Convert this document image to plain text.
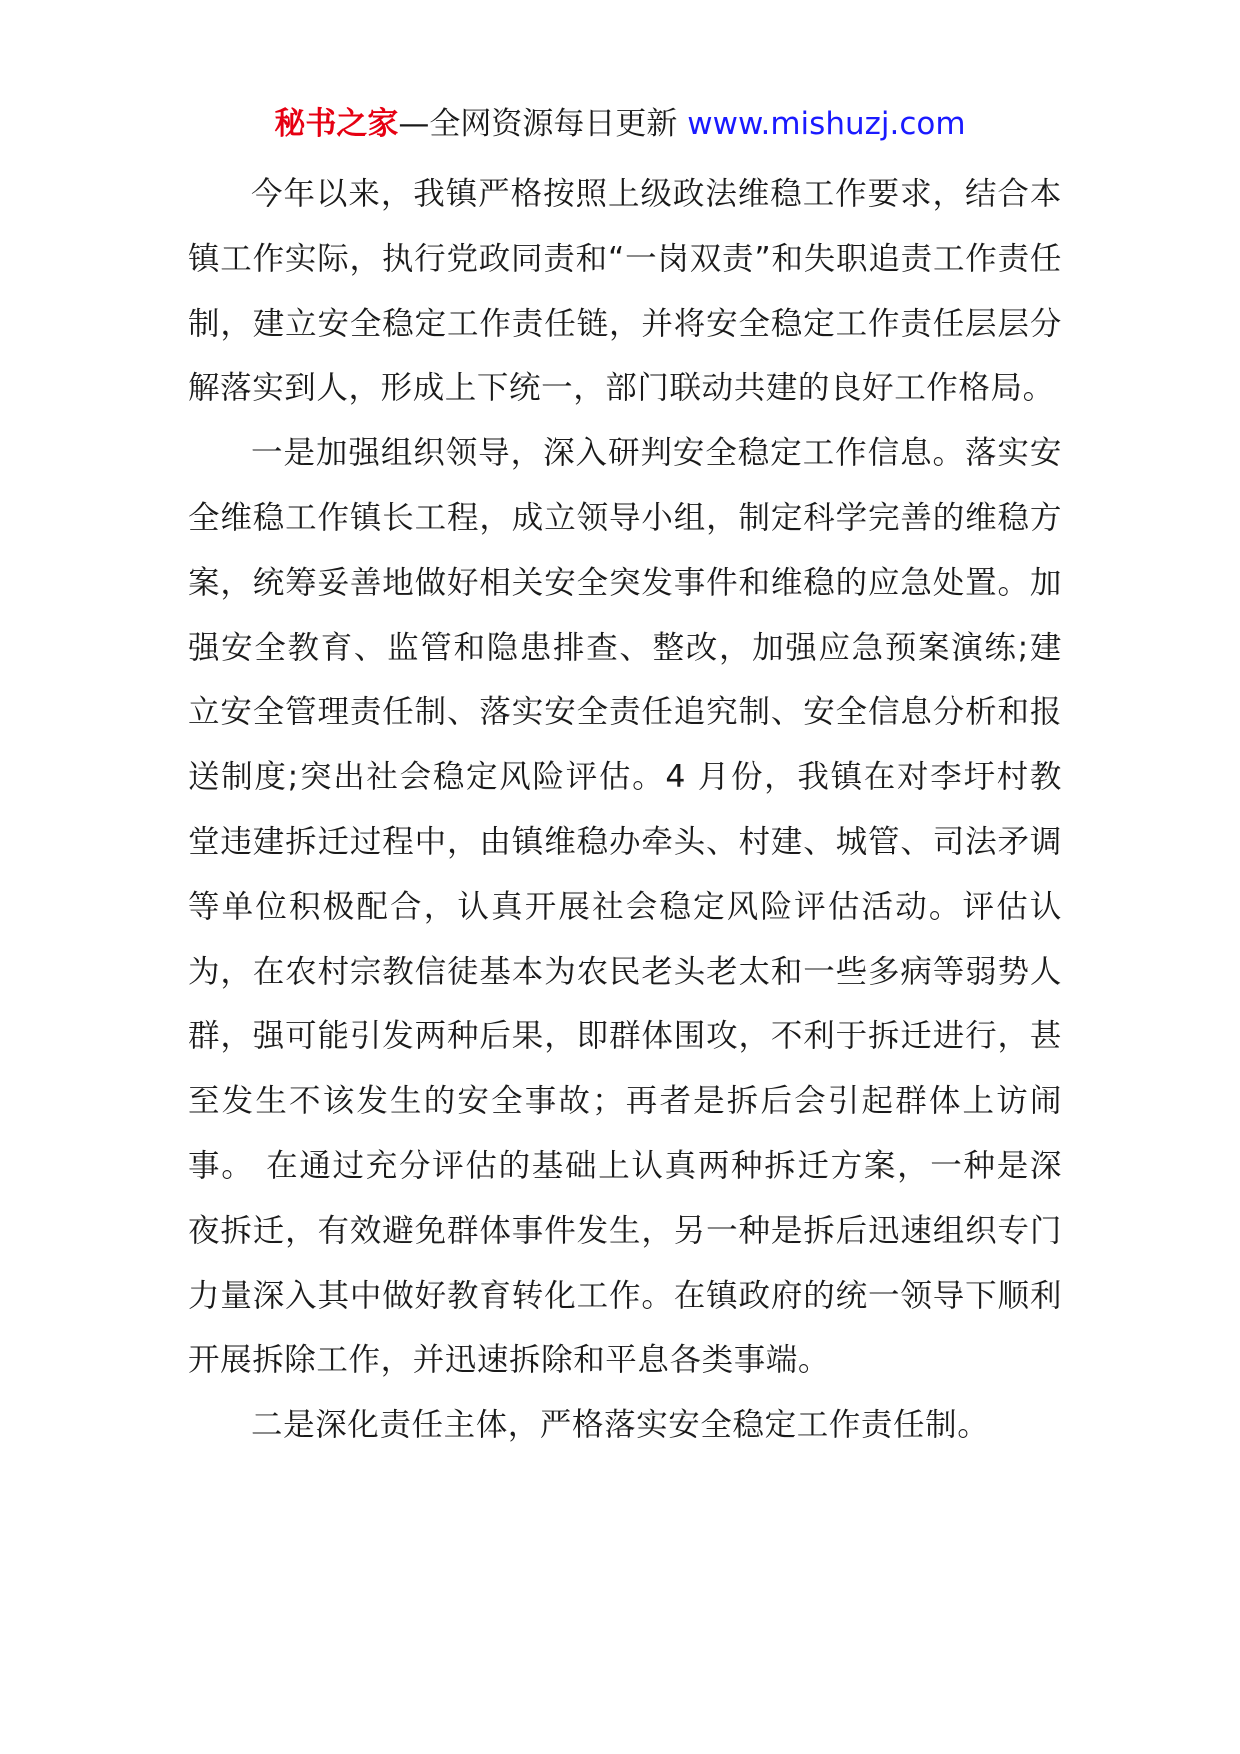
秘书之家—全网资源每日更新 www.mishuzj.com

今年以来，我镇严格按照上级政法维稳工作要求，结合本镇工作实际，执行党政同责和“一岗双责”和失职追责工作责任制，建立安全稳定工作责任链，并将安全稳定工作责任层层分解落实到人，形成上下统一，部门联动共建的良好工作格局。

一是加强组织领导，深入研判安全稳定工作信息。落实安全维稳工作镇长工程，成立领导小组，制定科学完善的维稳方案，统筹妥善地做好相关安全突发事件和维稳的应急处置。加强安全教育、监管和隐患排查、整改，加强应急预案演练;建立安全管理责任制、落实安全责任追究制、安全信息分析和报送制度;突出社会稳定风险评估。4 月份，我镇在对李圩村教堂违建拆迁过程中，由镇维稳办牵头、村建、城管、司法矛调等单位积极配合，认真开展社会稳定风险评估活动。评估认为，在农村宗教信徒基本为农民老头老太和一些多病等弱势人群，强可能引发两种后果，即群体围攻，不利于拆迁进行，甚至发生不该发生的安全事故；再者是拆后会引起群体上访闹事。 在通过充分评估的基础上认真两种拆迁方案，一种是深夜拆迁，有效避免群体事件发生，另一种是拆后迅速组织专门力量深入其中做好教育转化工作。在镇政府的统一领导下顺利开展拆除工作，并迅速拆除和平息各类事端。

二是深化责任主体，严格落实安全稳定工作责任制。
